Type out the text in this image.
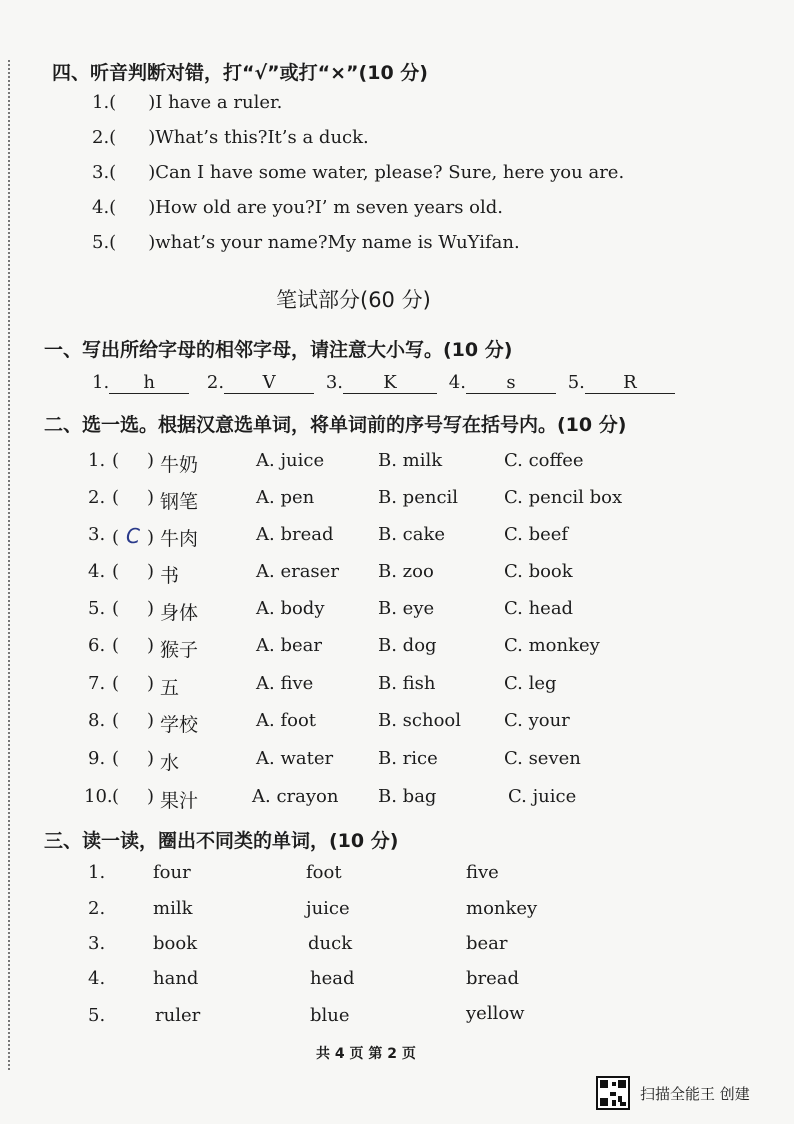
四、听音判断对错，打“√”或打“×”(10 分)
1.( )I have a ruler.
2.( )What’s this?It’s a duck.
3.( )Can I have some water, please? Sure, here you are.
4.( )How old are you?I’ m seven years old.
5.( )what’s your name?My name is WuYifan.
笔试部分(60 分)
一、写出所给字母的相邻字母，请注意大小写。(10 分)
1. h	2. V	3. K	4. s	5. R
二、选一选。根据汉意选单词，将单词前的序号写在括号内。(10 分)
1. ( ) 牛奶	A. juice	B. milk	C. coffee
2. ( ) 钢笔	A. pen	B. pencil	C. pencil box
3. ( C ) 牛肉	A. bread B. cake	C. beef
4. ( ) 书	A. eraser B. zoo	C. book
5. ( ) 身体	A. body	B. eye	C. head
6. ( ) 猴子	A. bear	B. dog	C. monkey
7. ( ) 五	A. five	B. fish	C. leg
8. ( ) 学校	A. foot	B. school C. your
9. ( ) 水	A. water B. rice	C. seven
10. ( ) 果汁	A. crayon B. bag	C. juice
三、读一读，圈出不同类的单词，(10 分)
1.	four	foot	five
2.	milk	juice	monkey
3.	book	duck	bear
4.	hand	head	bread
5.	ruler	blue	yellow
共 4 页 第 2 页
扫描全能王 创建
